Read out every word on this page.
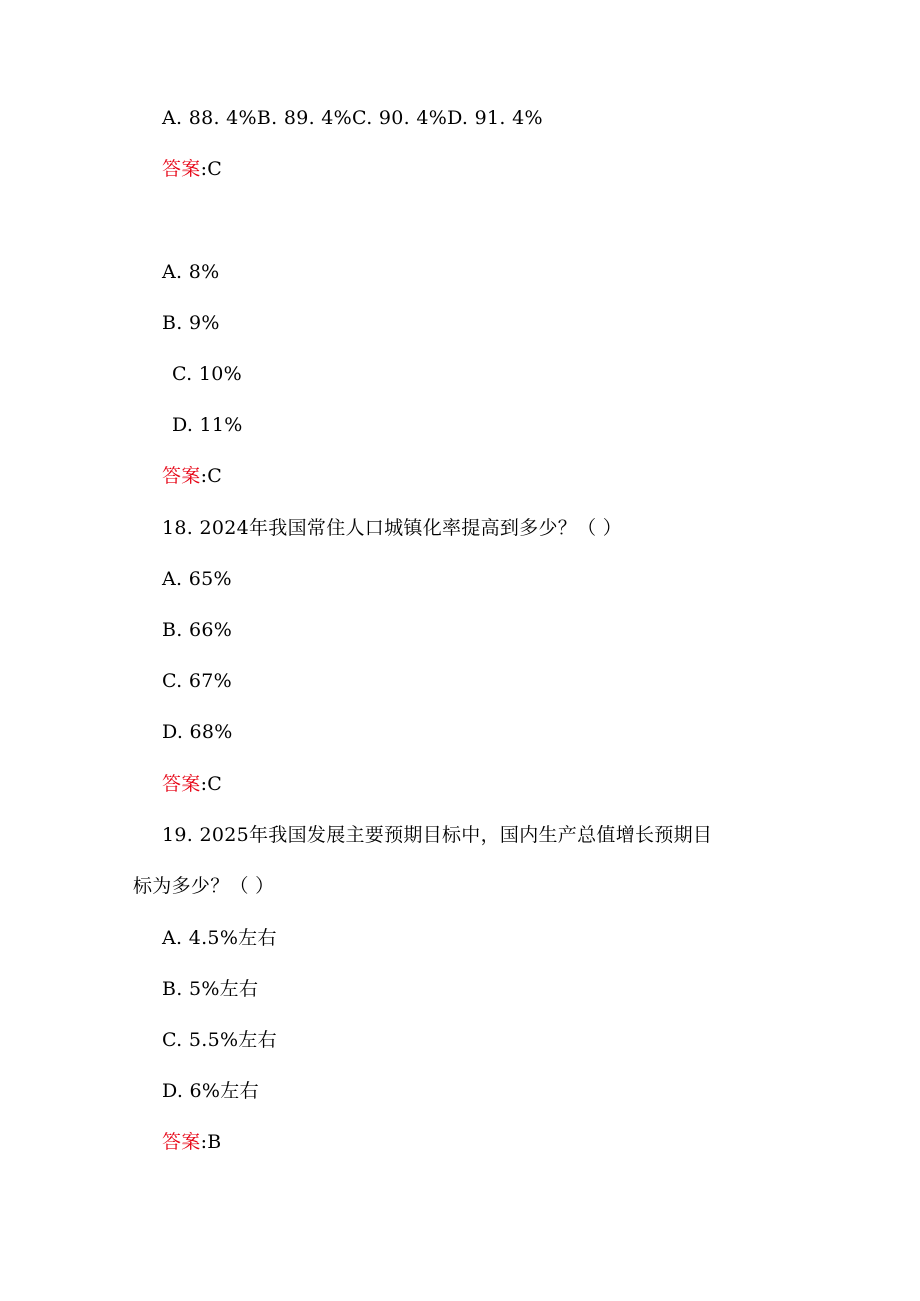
A. 88. 4%B. 89. 4%C. 90. 4%D. 91. 4%
答案:C
A. 8%
B. 9%
C. 10%
D. 11%
答案:C
18. 2024年我国常住人口城镇化率提高到多少？（ ）
A. 65%
B. 66%
C. 67%
D. 68%
答案:C
19. 2025年我国发展主要预期目标中，国内生产总值增长预期目
标为多少？（ ）
A. 4.5%左右
B. 5%左右
C. 5.5%左右
D. 6%左右
答案:B
